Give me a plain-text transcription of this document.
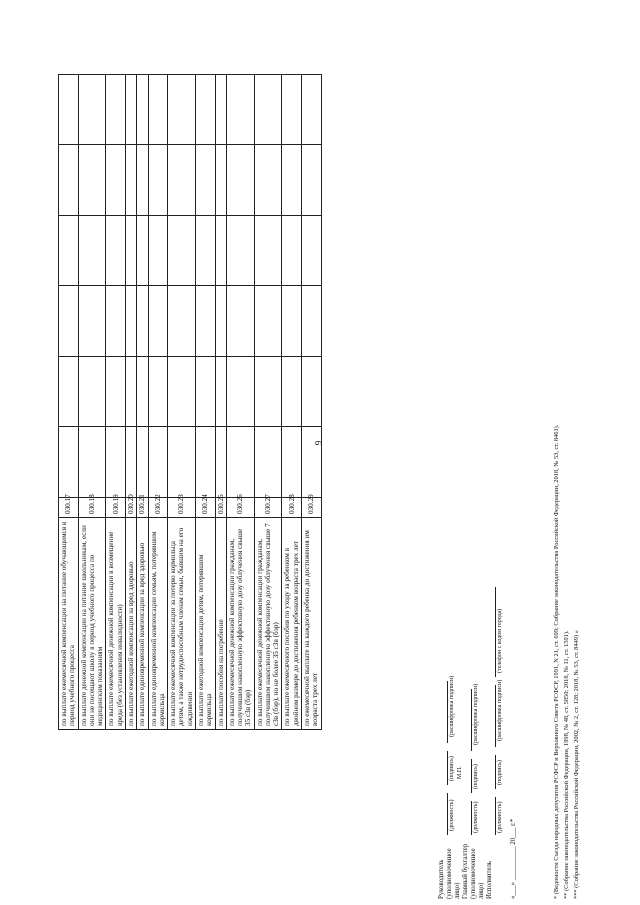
9
по выплате ежемесячной компенсации на питание обучающимся в период учебного процесса	030.17						
по выплате денежной компенсации на питание школьникам, если они не посещают школу в период учебного процесса по медицинским показаниям	030.18						
по выплате ежемесячной денежной компенсации в возмещение вреда (без установления инвалидности)	030.19						
по выплате ежегодной компенсации за вред здоровью	030.20						
по выплате единовременной компенсации за вред здоровью	030.21						
по выплате единовременной компенсации семьям, потерявшим кормильца	030.22						
по выплате ежемесячной компенсации за потерю кормильца детям, а также нетрудоспособным членам семьи, бывшим на его иждивении	030.23						
по выплате ежегодной компенсации детям, потерявшим кормильца	030.24						
по выплате пособия на погребение	030.25						
по выплате ежемесячной денежной компенсации гражданам, получившим накопленную эффективную дозу облучения свыше 35 сЗв (бэр)	030.26						
по выплате ежемесячной денежной компенсации гражданам, получившим накопленную эффективную дозу облучения свыше 7 сЗв (бэр), но не более 35 сЗв (бэр)	030.27						
по выплате ежемесячного пособия по уходу за ребенком в двойном размере до достижения ребенком возраста трех лет	030.28						
по ежемесячной выплате на каждого ребенка до достижения им возраста трех лет	030.29						
Руководитель (уполномоченное лицо)
(должность)
(подпись)
(расшифровка подписи)
М.П.
Главный бухгалтер (уполномоченное лицо)
(должность)
(подпись)
(расшифровка подписи)
Исполнитель
(должность)
(подпись)
(расшифровка подписи)
(телефон с кодом города)
«___» __________ 20___ г.*	* (Ведомости Съезда народных депутатов РСФСР и Верховного Совета РСФСР, 1991, N 21, ст. 699; Собрание законодательства Российской Федерации, 2018, № 53, ст. 8461). ** (Собрание законодательства Российской Федерации, 1998, № 48, ст. 5850; 2018, № 11, ст. 1591). *** (Собрание законодательства Российской Федерации, 2002, № 2, ст. 128; 2018, № 53, ст. 8449) »
